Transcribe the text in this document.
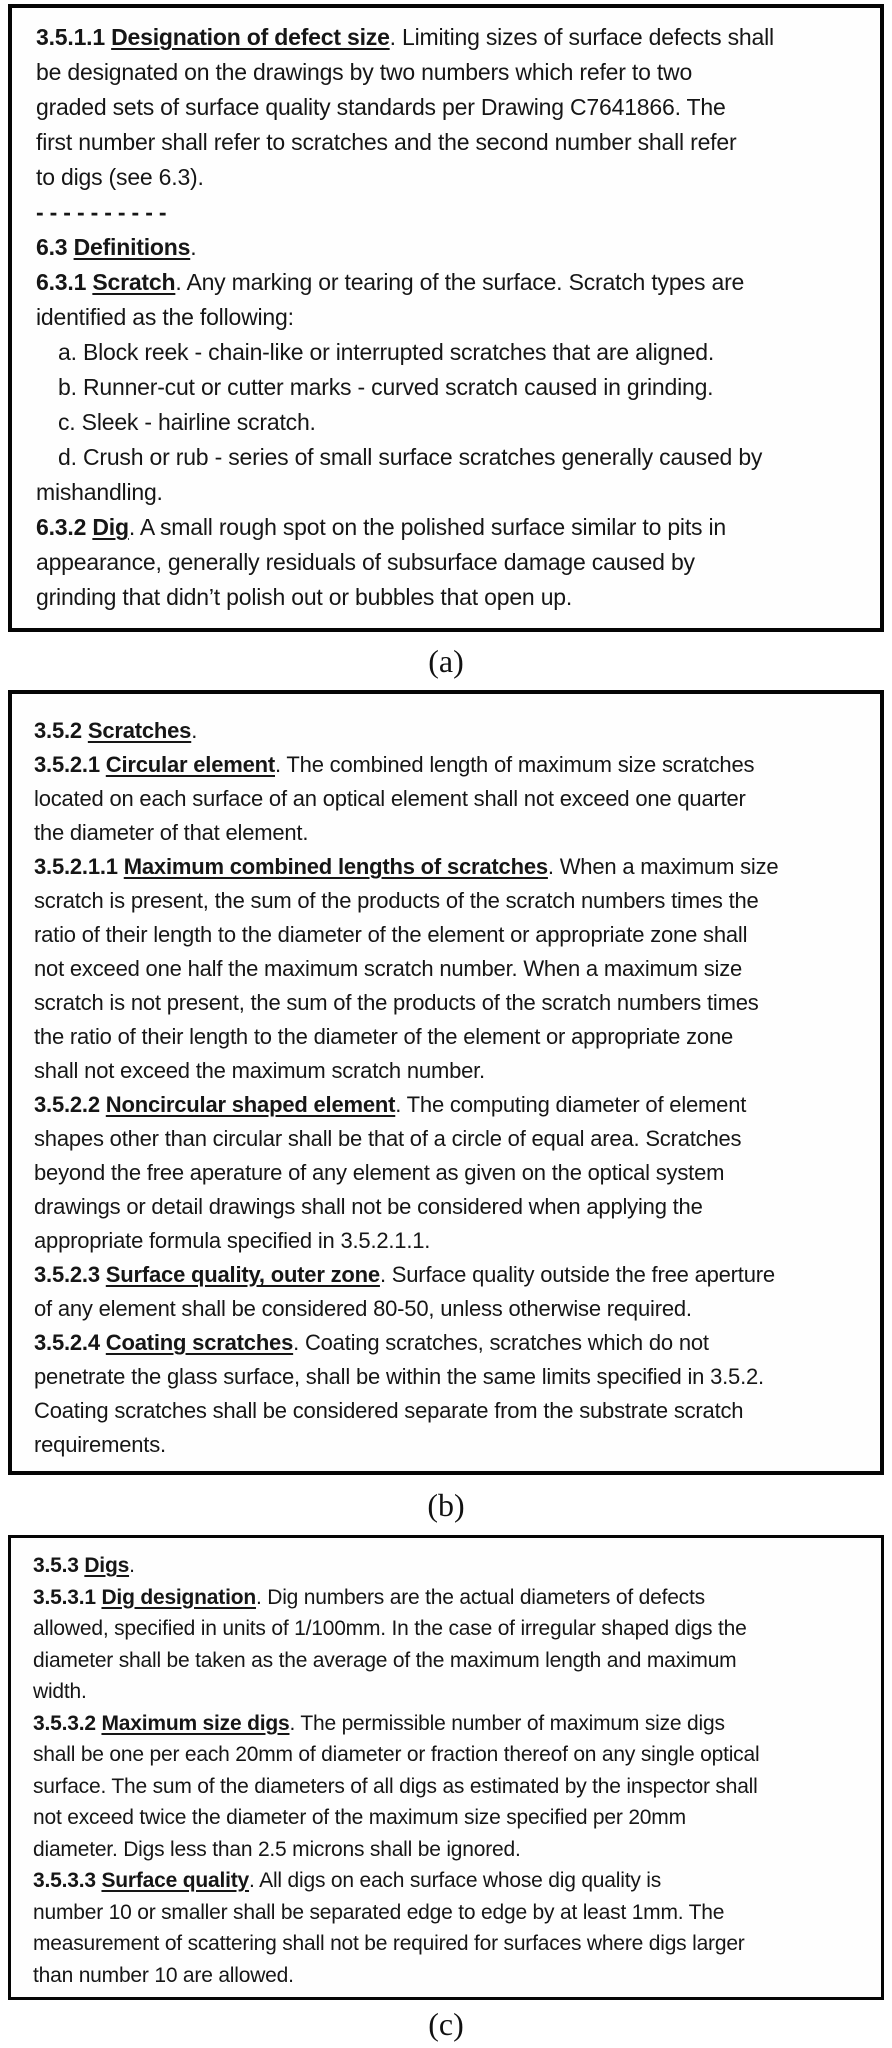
3.5.1.1 Designation of defect size. Limiting sizes of surface defects shall
be designated on the drawings by two numbers which refer to two
graded sets of surface quality standards per Drawing C7641866. The
first number shall refer to scratches and the second number shall refer
to digs (see 6.3).
- - - - - - - - - -
6.3 Definitions.
6.3.1 Scratch. Any marking or tearing of the surface. Scratch types are
identified as the following:
a. Block reek - chain-like or interrupted scratches that are aligned.
b. Runner-cut or cutter marks - curved scratch caused in grinding.
c. Sleek - hairline scratch.
d. Crush or rub - series of small surface scratches generally caused by
mishandling.
6.3.2 Dig. A small rough spot on the polished surface similar to pits in
appearance, generally residuals of subsurface damage caused by
grinding that didn’t polish out or bubbles that open up.
(a)
3.5.2 Scratches.
3.5.2.1 Circular element. The combined length of maximum size scratches
located on each surface of an optical element shall not exceed one quarter
the diameter of that element.
3.5.2.1.1 Maximum combined lengths of scratches. When a maximum size
scratch is present, the sum of the products of the scratch numbers times the
ratio of their length to the diameter of the element or appropriate zone shall
not exceed one half the maximum scratch number. When a maximum size
scratch is not present, the sum of the products of the scratch numbers times
the ratio of their length to the diameter of the element or appropriate zone
shall not exceed the maximum scratch number.
3.5.2.2 Noncircular shaped element. The computing diameter of element
shapes other than circular shall be that of a circle of equal area. Scratches
beyond the free aperature of any element as given on the optical system
drawings or detail drawings shall not be considered when applying the
appropriate formula specified in 3.5.2.1.1.
3.5.2.3 Surface quality, outer zone. Surface quality outside the free aperture
of any element shall be considered 80-50, unless otherwise required.
3.5.2.4 Coating scratches. Coating scratches, scratches which do not
penetrate the glass surface, shall be within the same limits specified in 3.5.2.
Coating scratches shall be considered separate from the substrate scratch
requirements.
(b)
3.5.3 Digs.
3.5.3.1 Dig designation. Dig numbers are the actual diameters of defects
allowed, specified in units of 1/100mm. In the case of irregular shaped digs the
diameter shall be taken as the average of the maximum length and maximum
width.
3.5.3.2 Maximum size digs. The permissible number of maximum size digs
shall be one per each 20mm of diameter or fraction thereof on any single optical
surface. The sum of the diameters of all digs as estimated by the inspector shall
not exceed twice the diameter of the maximum size specified per 20mm
diameter. Digs less than 2.5 microns shall be ignored.
3.5.3.3 Surface quality. All digs on each surface whose dig quality is
number 10 or smaller shall be separated edge to edge by at least 1mm. The
measurement of scattering shall not be required for surfaces where digs larger
than number 10 are allowed.
(c)
